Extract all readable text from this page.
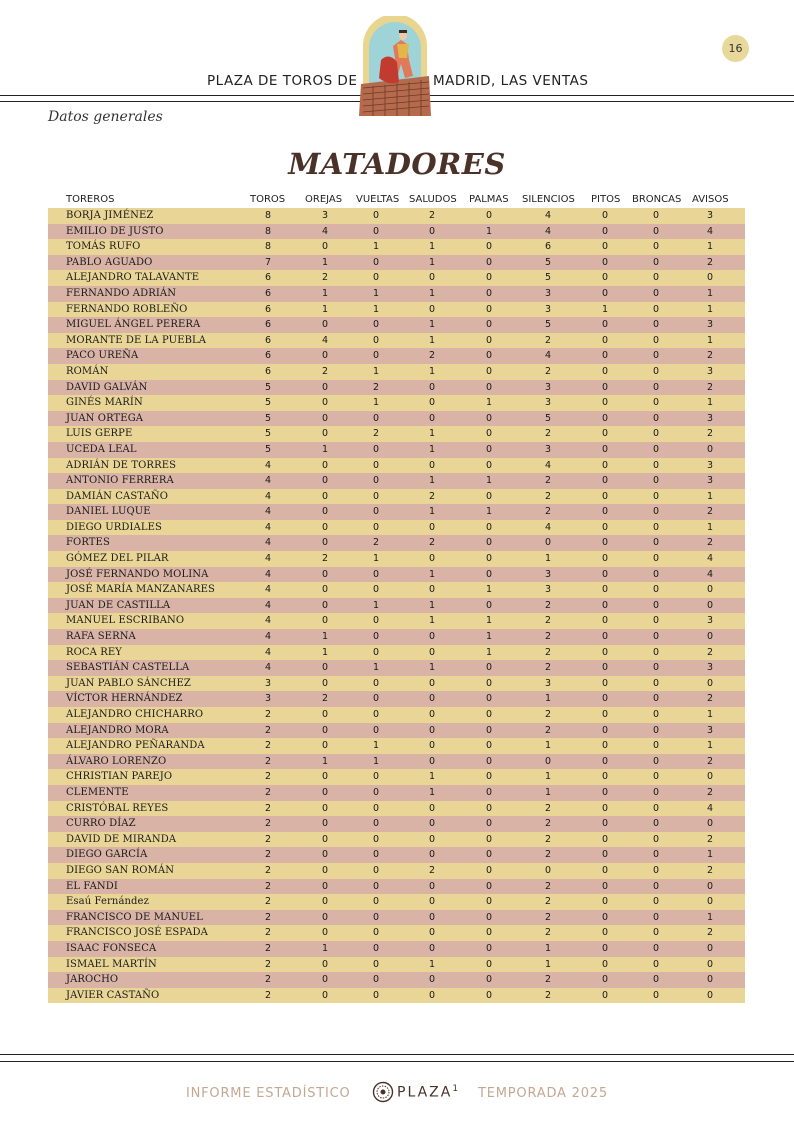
16
PLAZA DE TOROS DE	MADRID, LAS VENTAS
Datos generales
MATADORES
TOREROS	TOROS OREJAS VUELTAS SALUDOS PALMAS SILENCIOS PITOS BRONCAS AVISOS
BORJA JIMÉNEZ	8	3	0	2	0	4	0	0	3
EMILIO DE JUSTO	8	4	0	0	1	4	0	0	4
TOMÁS RUFO	8	0	1	1	0	6	0	0	1
PABLO AGUADO	7	1	0	1	0	5	0	0	2
ALEJANDRO TALAVANTE	6	2	0	0	0	5	0	0	0
FERNANDO ADRIÁN	6	1	1	1	0	3	0	0	1
FERNANDO ROBLEÑO	6	1	1	0	0	3	1	0	1
MIGUEL ÁNGEL PERERA	6	0	0	1	0	5	0	0	3
MORANTE DE LA PUEBLA	6	4	0	1	0	2	0	0	1
PACO UREÑA	6	0	0	2	0	4	0	0	2
ROMÁN	6	2	1	1	0	2	0	0	3
DAVID GALVÁN	5	0	2	0	0	3	0	0	2
GINÉS MARÍN	5	0	1	0	1	3	0	0	1
JUAN ORTEGA	5	0	0	0	0	5	0	0	3
LUIS GERPE	5	0	2	1	0	2	0	0	2
UCEDA LEAL	5	1	0	1	0	3	0	0	0
ADRIÁN DE TORRES	4	0	0	0	0	4	0	0	3
ANTONIO FERRERA	4	0	0	1	1	2	0	0	3
DAMIÁN CASTAÑO	4	0	0	2	0	2	0	0	1
DANIEL LUQUE	4	0	0	1	1	2	0	0	2
DIEGO URDIALES	4	0	0	0	0	4	0	0	1
FORTES	4	0	2	2	0	0	0	0	2
GÓMEZ DEL PILAR	4	2	1	0	0	1	0	0	4
JOSÉ FERNANDO MOLINA	4	0	0	1	0	3	0	0	4
JOSÉ MARÍA MANZANARES	4	0	0	0	1	3	0	0	0
JUAN DE CASTILLA	4	0	1	1	0	2	0	0	0
MANUEL ESCRIBANO	4	0	0	1	1	2	0	0	3
RAFA SERNA	4	1	0	0	1	2	0	0	0
ROCA REY	4	1	0	0	1	2	0	0	2
SEBASTIÁN CASTELLA	4	0	1	1	0	2	0	0	3
JUAN PABLO SÁNCHEZ	3	0	0	0	0	3	0	0	0
VÍCTOR HERNÁNDEZ	3	2	0	0	0	1	0	0	2
ALEJANDRO CHICHARRO	2	0	0	0	0	2	0	0	1
ALEJANDRO MORA	2	0	0	0	0	2	0	0	3
ALEJANDRO PEÑARANDA	2	0	1	0	0	1	0	0	1
ÁLVARO LORENZO	2	1	1	0	0	0	0	0	2
CHRISTIAN PAREJO	2	0	0	1	0	1	0	0	0
CLEMENTE	2	0	0	1	0	1	0	0	2
CRISTÓBAL REYES	2	0	0	0	0	2	0	0	4
CURRO DÍAZ	2	0	0	0	0	2	0	0	0
DAVID DE MIRANDA	2	0	0	0	0	2	0	0	2
DIEGO GARCÍA	2	0	0	0	0	2	0	0	1
DIEGO SAN ROMÁN	2	0	0	2	0	0	0	0	2
EL FANDI	2	0	0	0	0	2	0	0	0
Esaú Fernández	2	0	0	0	0	2	0	0	0
FRANCISCO DE MANUEL	2	0	0	0	0	2	0	0	1
FRANCISCO JOSÉ ESPADA	2	0	0	0	0	2	0	0	2
ISAAC FONSECA	2	1	0	0	0	1	0	0	0
ISMAEL MARTÍN	2	0	0	1	0	1	0	0	0
JAROCHO	2	0	0	0	0	2	0	0	0
JAVIER CASTAÑO	2	0	0	0	0	2	0	0	0
INFORME ESTADÍSTICO	PLAZA$^1$ TEMPORADA 2025
